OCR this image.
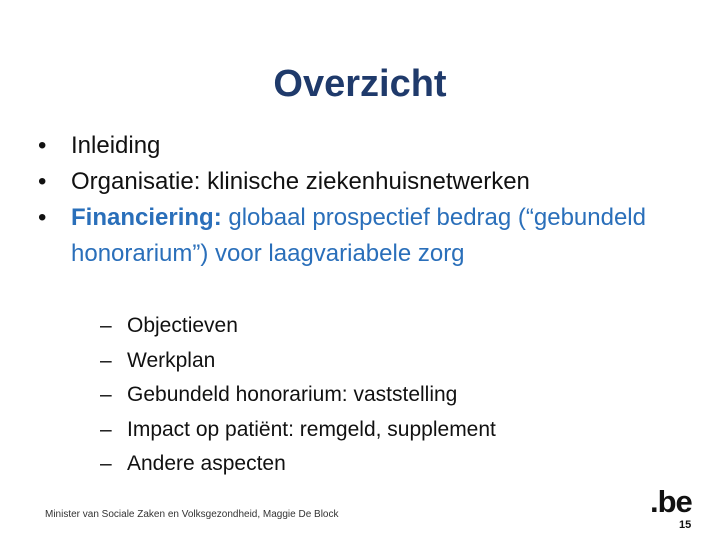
Overzicht
•	Inleiding
•	Organisatie: klinische ziekenhuisnetwerken
•	Financiering: globaal prospectief bedrag (“gebundeld honorarium”) voor laagvariabele zorg
– Objectieven
– Werkplan
– Gebundeld honorarium: vaststelling
– Impact op patiënt: remgeld, supplement
– Andere aspecten
Minister van Sociale Zaken en Volksgezondheid, Maggie De Block	.be
15
